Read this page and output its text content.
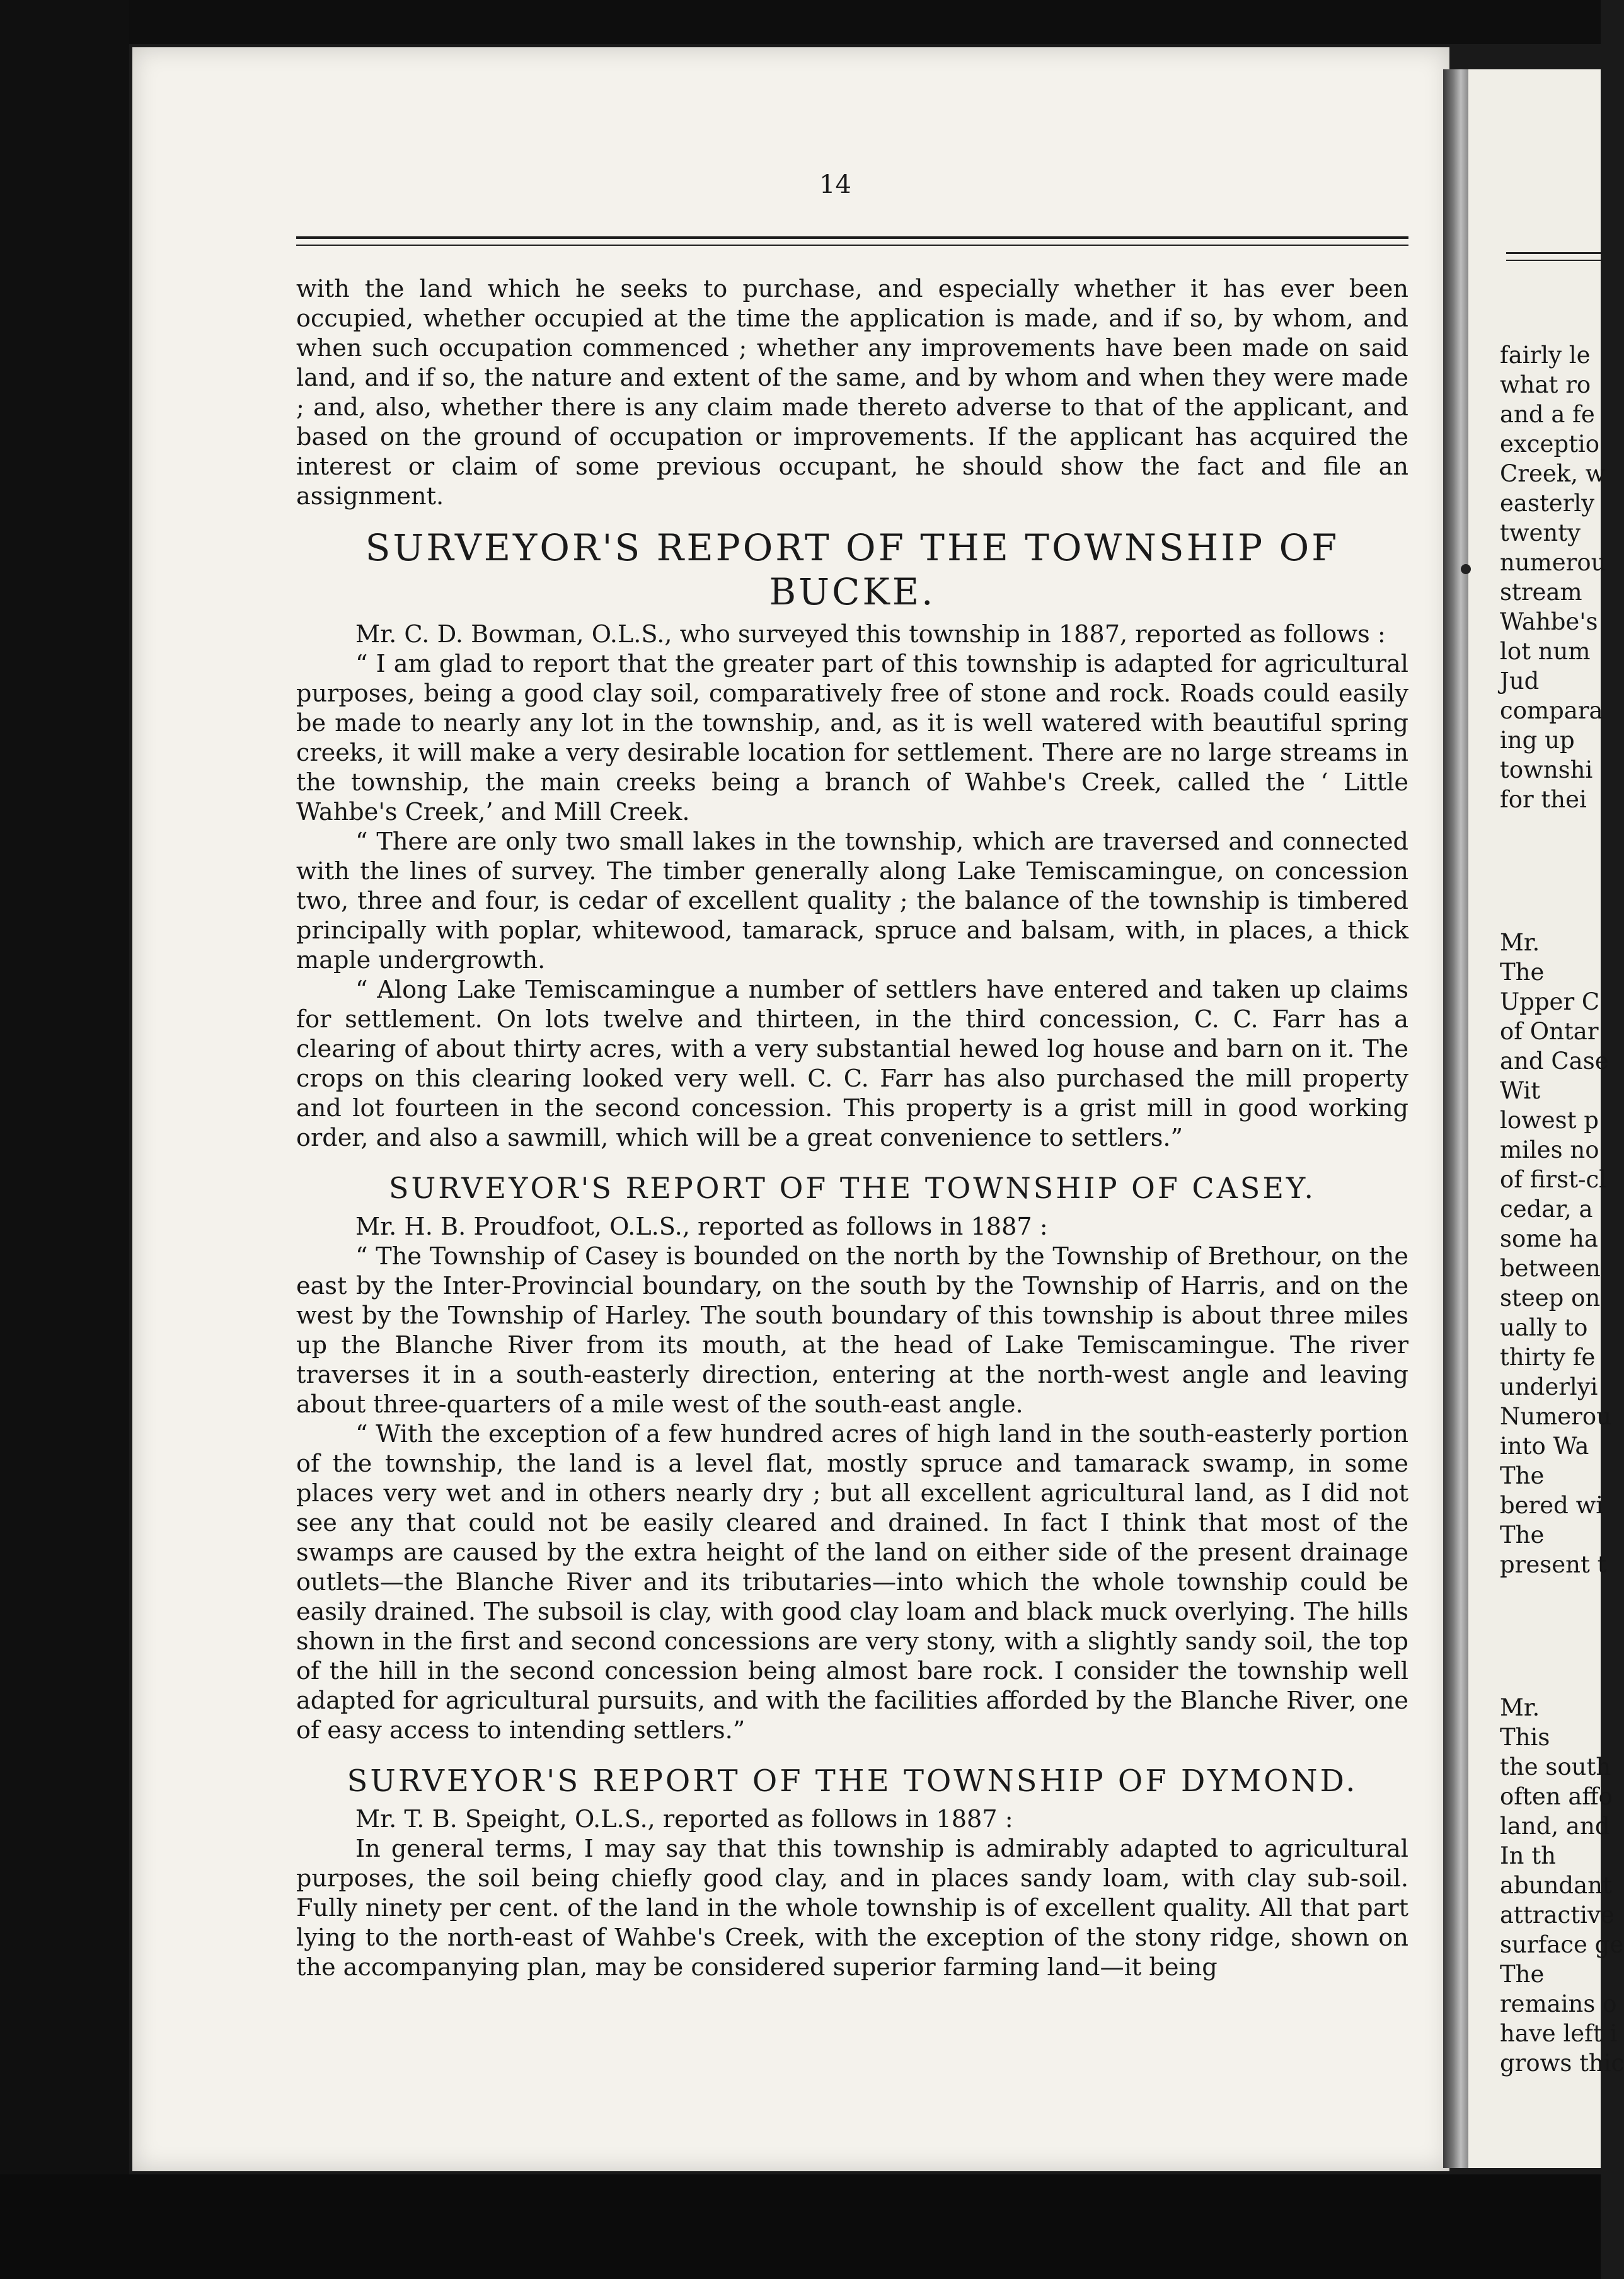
14

with the land which he seeks to purchase, and especially whether it has ever been occupied, whether occupied at the time the application is made, and if so, by whom, and when such occupation commenced ; whether any improvements have been made on said land, and if so, the nature and extent of the same, and by whom and when they were made ; and, also, whether there is any claim made thereto adverse to that of the applicant, and based on the ground of occupation or improvements. If the applicant has acquired the interest or claim of some previous occupant, he should show the fact and file an assignment.

SURVEYOR'S REPORT OF THE TOWNSHIP OF BUCKE.

Mr. C. D. Bowman, O.L.S., who surveyed this township in 1887, reported as follows :

“ I am glad to report that the greater part of this township is adapted for agricultural purposes, being a good clay soil, comparatively free of stone and rock. Roads could easily be made to nearly any lot in the township, and, as it is well watered with beautiful spring creeks, it will make a very desirable location for settlement. There are no large streams in the township, the main creeks being a branch of Wahbe's Creek, called the ‘ Little Wahbe's Creek,’ and Mill Creek.

“ There are only two small lakes in the township, which are traversed and connected with the lines of survey. The timber generally along Lake Temiscamingue, on concession two, three and four, is cedar of excellent quality ; the balance of the township is timbered principally with poplar, whitewood, tamarack, spruce and balsam, with, in places, a thick maple undergrowth.

“ Along Lake Temiscamingue a number of settlers have entered and taken up claims for settlement. On lots twelve and thirteen, in the third concession, C. C. Farr has a clearing of about thirty acres, with a very substantial hewed log house and barn on it. The crops on this clearing looked very well. C. C. Farr has also purchased the mill property and lot fourteen in the second concession. This property is a grist mill in good working order, and also a sawmill, which will be a great convenience to settlers.”

SURVEYOR'S REPORT OF THE TOWNSHIP OF CASEY.

Mr. H. B. Proudfoot, O.L.S., reported as follows in 1887 :

“ The Township of Casey is bounded on the north by the Township of Brethour, on the east by the Inter-Provincial boundary, on the south by the Township of Harris, and on the west by the Township of Harley. The south boundary of this township is about three miles up the Blanche River from its mouth, at the head of Lake Temiscamingue. The river traverses it in a south-easterly direction, entering at the north-west angle and leaving about three-quarters of a mile west of the south-east angle.

“ With the exception of a few hundred acres of high land in the south-easterly portion of the township, the land is a level flat, mostly spruce and tamarack swamp, in some places very wet and in others nearly dry ; but all excellent agricultural land, as I did not see any that could not be easily cleared and drained. In fact I think that most of the swamps are caused by the extra height of the land on either side of the present drainage outlets—the Blanche River and its tributaries—into which the whole township could be easily drained. The subsoil is clay, with good clay loam and black muck overlying. The hills shown in the first and second concessions are very stony, with a slightly sandy soil, the top of the hill in the second concession being almost bare rock. I consider the township well adapted for agricultural pursuits, and with the facilities afforded by the Blanche River, one of easy access to intending settlers.”

SURVEYOR'S REPORT OF THE TOWNSHIP OF DYMOND.

Mr. T. B. Speight, O.L.S., reported as follows in 1887 :

In general terms, I may say that this township is admirably adapted to agricultural purposes, the soil being chiefly good clay, and in places sandy loam, with clay sub-soil. Fully ninety per cent. of the land in the whole township is of excellent quality. All that part lying to the north-east of Wahbe's Creek, with the exception of the stony ridge, shown on the accompanying plan, may be considered superior farming land—it being

fairly le
what ro
and a fe
exceptio
Creek, w
easterly
twenty
numerou
stream
Wahbe's
lot num
Jud
compara
ing up
townshi
for thei
Mr.
The
Upper C
of Ontar
and Case
Wit
lowest p
miles no
of first-cl
cedar, a
some ha
between
steep on
ually to
thirty fe
underlyi
Numerou
into Wa
The
bered wi
The
present t
Mr.
This
the south
often affo
land, and
In th
abundant
attractive
surface ge
The
remains o
have left i
grows thic
